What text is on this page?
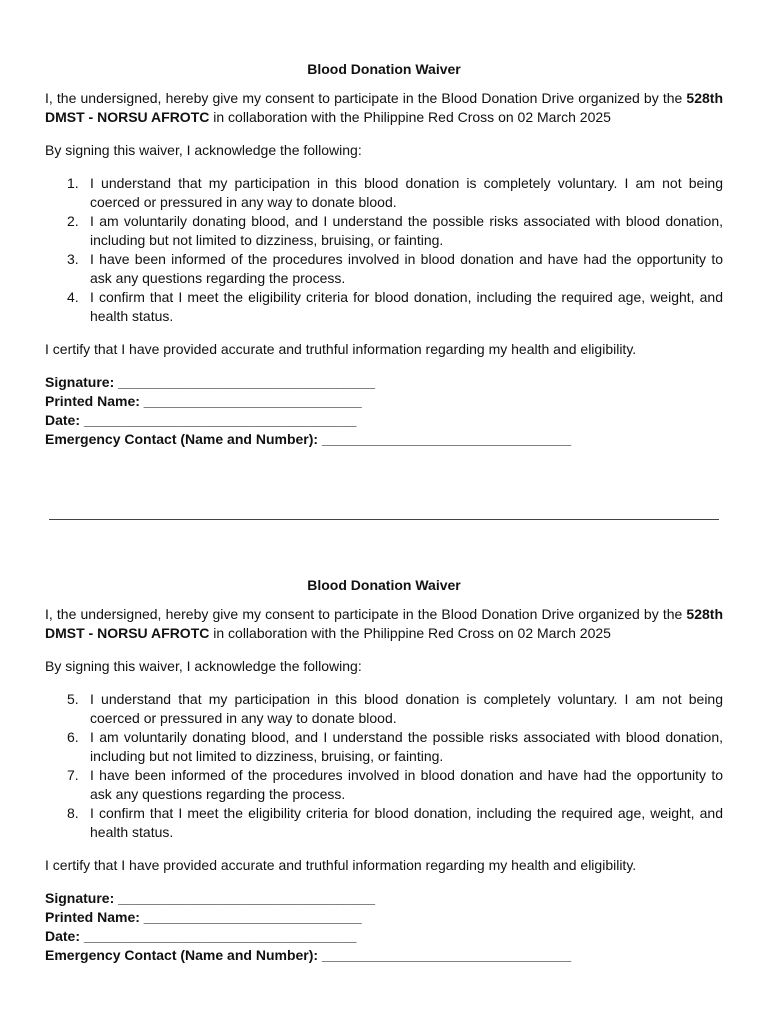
Blood Donation Waiver

I, the undersigned, hereby give my consent to participate in the Blood Donation Drive organized by the 528th DMST - NORSU AFROTC in collaboration with the Philippine Red Cross on 02 March 2025

By signing this waiver, I acknowledge the following:

1. I understand that my participation in this blood donation is completely voluntary. I am not being coerced or pressured in any way to donate blood.
2. I am voluntarily donating blood, and I understand the possible risks associated with blood donation, including but not limited to dizziness, bruising, or fainting.
3. I have been informed of the procedures involved in blood donation and have had the opportunity to ask any questions regarding the process.
4. I confirm that I meet the eligibility criteria for blood donation, including the required age, weight, and health status.

I certify that I have provided accurate and truthful information regarding my health and eligibility.

Signature: _________________________________
Printed Name: ____________________________
Date: ___________________________________
Emergency Contact (Name and Number): ________________________________
Blood Donation Waiver

I, the undersigned, hereby give my consent to participate in the Blood Donation Drive organized by the 528th DMST - NORSU AFROTC in collaboration with the Philippine Red Cross on 02 March 2025

By signing this waiver, I acknowledge the following:

5. I understand that my participation in this blood donation is completely voluntary. I am not being coerced or pressured in any way to donate blood.
6. I am voluntarily donating blood, and I understand the possible risks associated with blood donation, including but not limited to dizziness, bruising, or fainting.
7. I have been informed of the procedures involved in blood donation and have had the opportunity to ask any questions regarding the process.
8. I confirm that I meet the eligibility criteria for blood donation, including the required age, weight, and health status.

I certify that I have provided accurate and truthful information regarding my health and eligibility.

Signature: _________________________________
Printed Name: ____________________________
Date: ___________________________________
Emergency Contact (Name and Number): ________________________________
